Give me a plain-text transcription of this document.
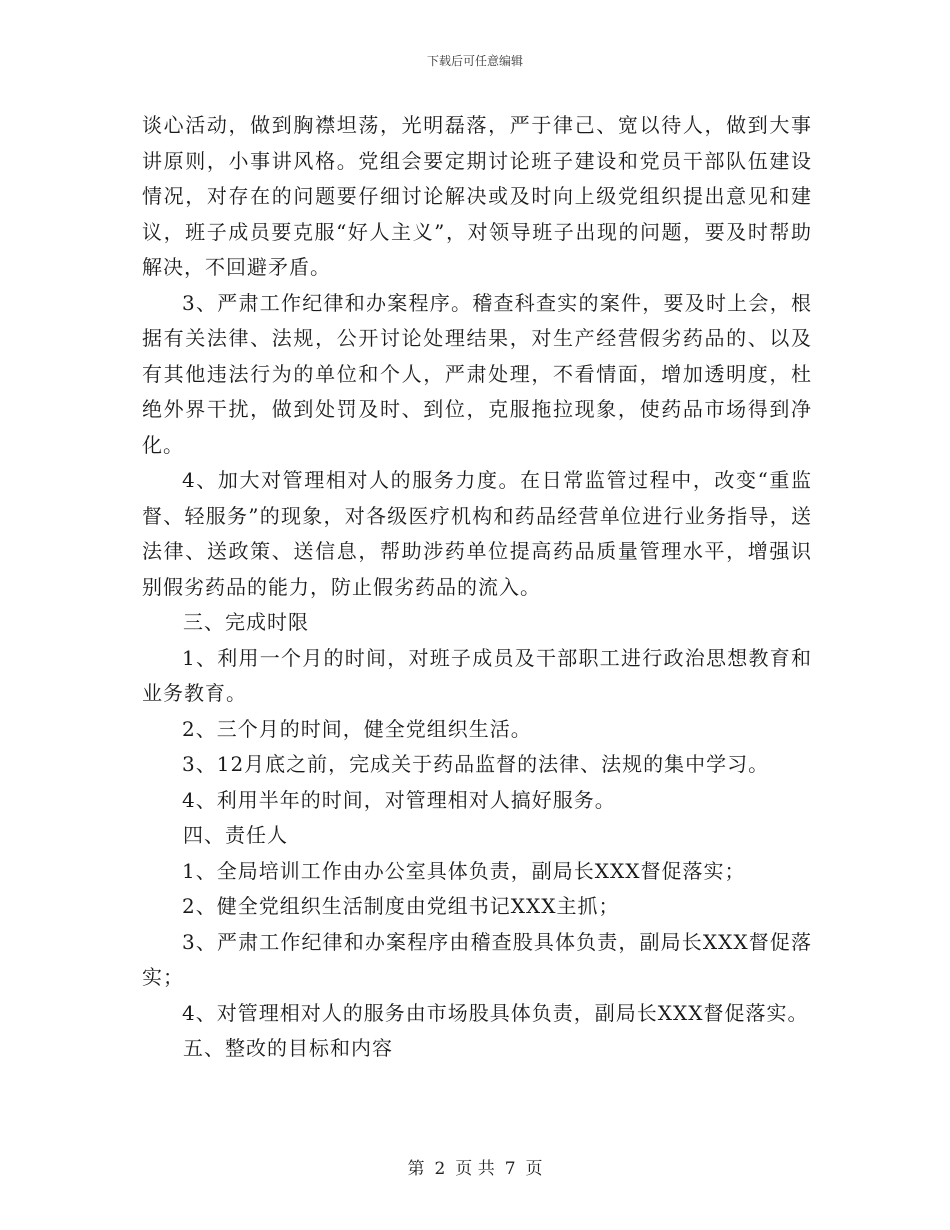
下载后可任意编辑

谈心活动，做到胸襟坦荡，光明磊落，严于律己、宽以待人，做到大事讲原则，小事讲风格。党组会要定期讨论班子建设和党员干部队伍建设情况，对存在的问题要仔细讨论解决或及时向上级党组织提出意见和建议，班子成员要克服“好人主义”，对领导班子出现的问题，要及时帮助解决，不回避矛盾。

3、严肃工作纪律和办案程序。稽查科查实的案件，要及时上会，根据有关法律、法规，公开讨论处理结果，对生产经营假劣药品的、以及有其他违法行为的单位和个人，严肃处理，不看情面，增加透明度，杜绝外界干扰，做到处罚及时、到位，克服拖拉现象，使药品市场得到净化。

4、加大对管理相对人的服务力度。在日常监管过程中，改变“重监督、轻服务”的现象，对各级医疗机构和药品经营单位进行业务指导，送法律、送政策、送信息，帮助涉药单位提高药品质量管理水平，增强识别假劣药品的能力，防止假劣药品的流入。

三、完成时限

1、利用一个月的时间，对班子成员及干部职工进行政治思想教育和业务教育。

2、三个月的时间，健全党组织生活。

3、12月底之前，完成关于药品监督的法律、法规的集中学习。

4、利用半年的时间，对管理相对人搞好服务。

四、责任人

1、全局培训工作由办公室具体负责，副局长XXX督促落实；

2、健全党组织生活制度由党组书记XXX主抓；

3、严肃工作纪律和办案程序由稽查股具体负责，副局长XXX督促落实；

4、对管理相对人的服务由市场股具体负责，副局长XXX督促落实。

五、整改的目标和内容

第 2 页 共 7 页
